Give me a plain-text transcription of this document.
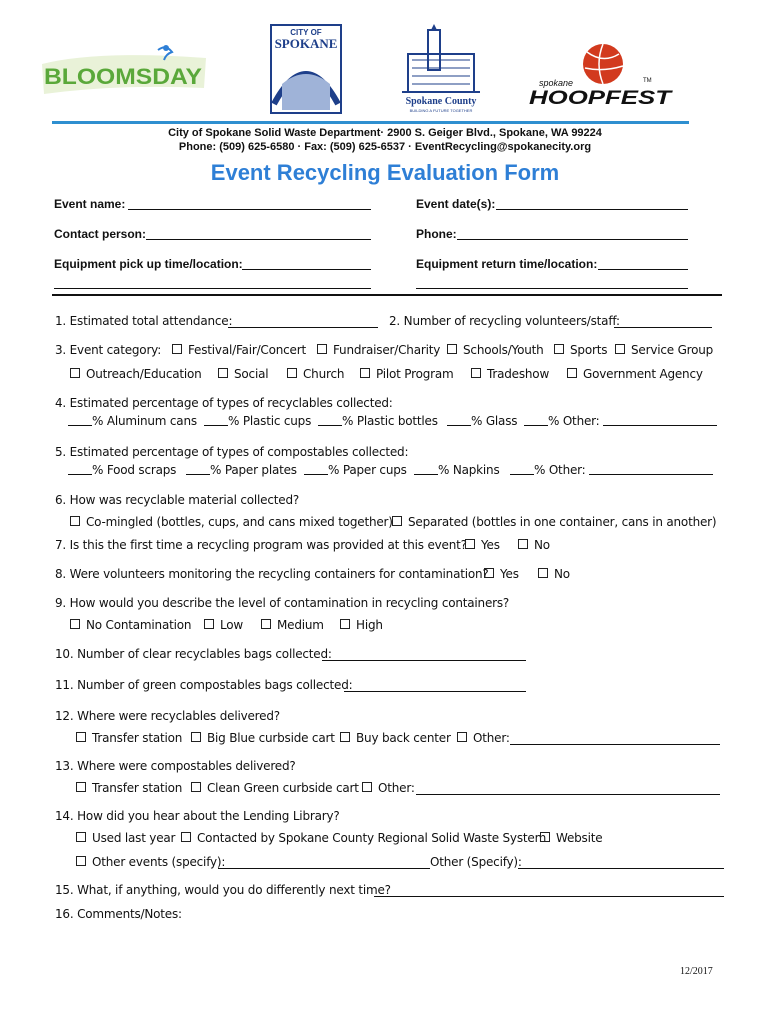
BLOOMSDAY
CITY OF
SPOKANE
Spokane County
BUILDING A FUTURE TOGETHER
spokane	TM
HOOPFEST
City of Spokane Solid Waste Department· 2900 S. Geiger Blvd., Spokane, WA 99224
Phone: (509) 625-6580 · Fax: (509) 625-6537 · EventRecycling@spokanecity.org
Event Recycling Evaluation Form
Event name:	Event date(s):
Contact person:	Phone:
Equipment pick up time/location:	Equipment return time/location:
1. Estimated total attendance:	2. Number of recycling volunteers/staff:
3. Event category:	Festival/Fair/Concert	Fundraiser/Charity	Schools/Youth	Sports	Service Group
Outreach/Education	Social	Church	Pilot Program	Tradeshow	Government Agency
4. Estimated percentage of types of recyclables collected:
% Aluminum cans	% Plastic cups	% Plastic bottles	% Glass	% Other:
5. Estimated percentage of types of compostables collected:
% Food scraps	% Paper plates	% Paper cups	% Napkins	% Other:
6. How was recyclable material collected?
Co-mingled (bottles, cups, and cans mixed together)	Separated (bottles in one container, cans in another)
7. Is this the first time a recycling program was provided at this event?	Yes	No
8. Were volunteers monitoring the recycling containers for contamination? Yes	No
9. How would you describe the level of contamination in recycling containers?
No Contamination	Low	Medium	High
10. Number of clear recyclables bags collected:
11. Number of green compostables bags collected:
12. Where were recyclables delivered?
Transfer station	Big Blue curbside cart	Buy back center	Other:
13. Where were compostables delivered?
Transfer station	Clean Green curbside cart	Other:
14. How did you hear about the Lending Library?
Used last year	Contacted by Spokane County Regional Solid Waste System Website
Other events (specify):	Other (Specify):
15. What, if anything, would you do differently next time?
16. Comments/Notes:
12/2017
